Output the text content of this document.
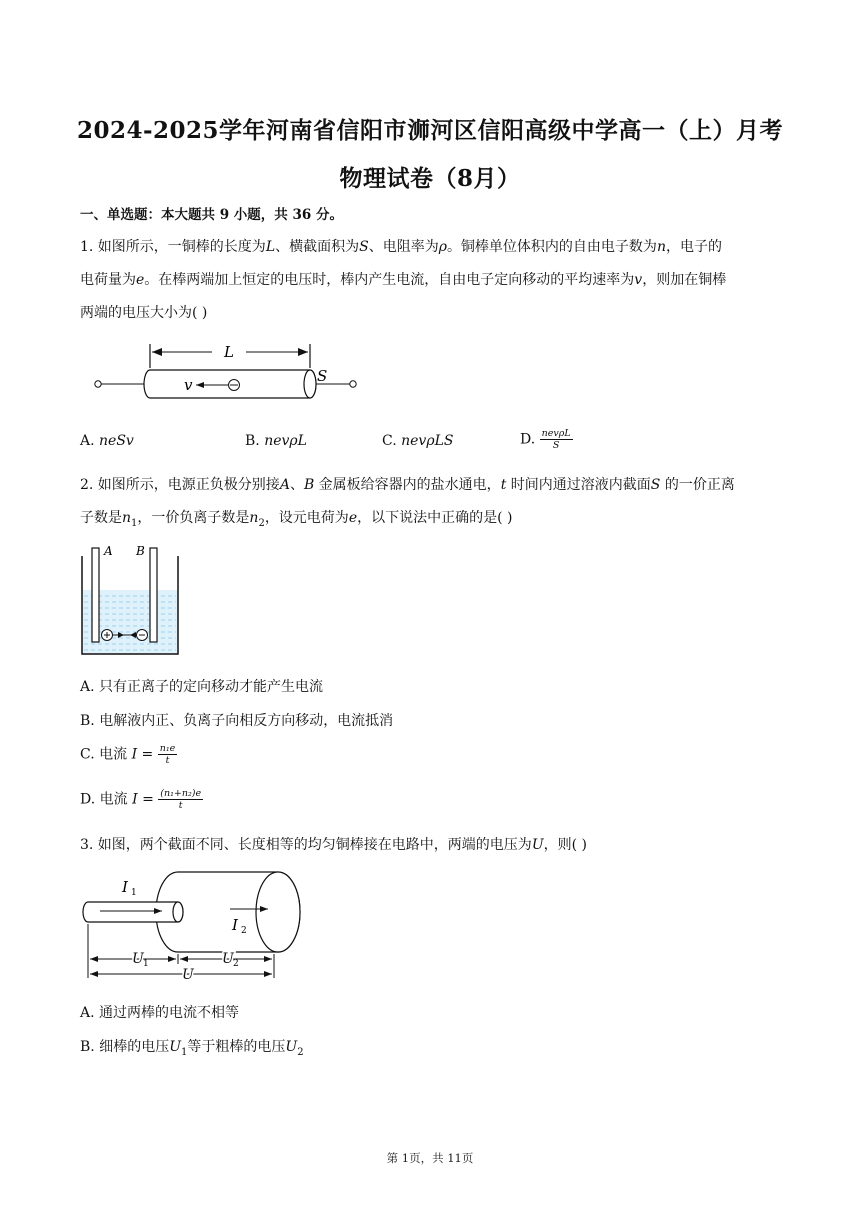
2024-2025学年河南省信阳市浉河区信阳高级中学高一（上）月考
物理试卷（8月）
一、单选题：本大题共 9 小题，共 36 分。
1. 如图所示，一铜棒的长度为L、横截面积为S、电阻率为ρ。铜棒单位体积内的自由电子数为n，电子的
电荷量为e。在棒两端加上恒定的电压时，棒内产生电流，自由电子定向移动的平均速率为v，则加在铜棒
两端的电压大小为( )
L
v	S
A. neSv	B. nevρL	C. nevρLS	D. $\frac{\text{nevρL}}{S}$
2. 如图所示，电源正负极分别接A、B 金属板给容器内的盐水通电，t 时间内通过溶液内截面S 的一价正离
子数是$n_1$，一价负离子数是$n_2$，设元电荷为e，以下说法中正确的是( )
A B
A. 只有正离子的定向移动才能产生电流
B. 电解液内正、负离子向相反方向移动，电流抵消
C. 电流 $I = \frac{\text{n₁e}}{t}$
D. 电流 $I = \frac{\text{(n₁+n₂)e}}{t}$
3. 如图，两个截面不同、长度相等的均匀铜棒接在电路中，两端的电压为U，则( )
I 1
I 2
U 1	U 2
U
A. 通过两棒的电流不相等
B. 细棒的电压$U_1$等于粗棒的电压$U_2$
第 1页，共 11页
